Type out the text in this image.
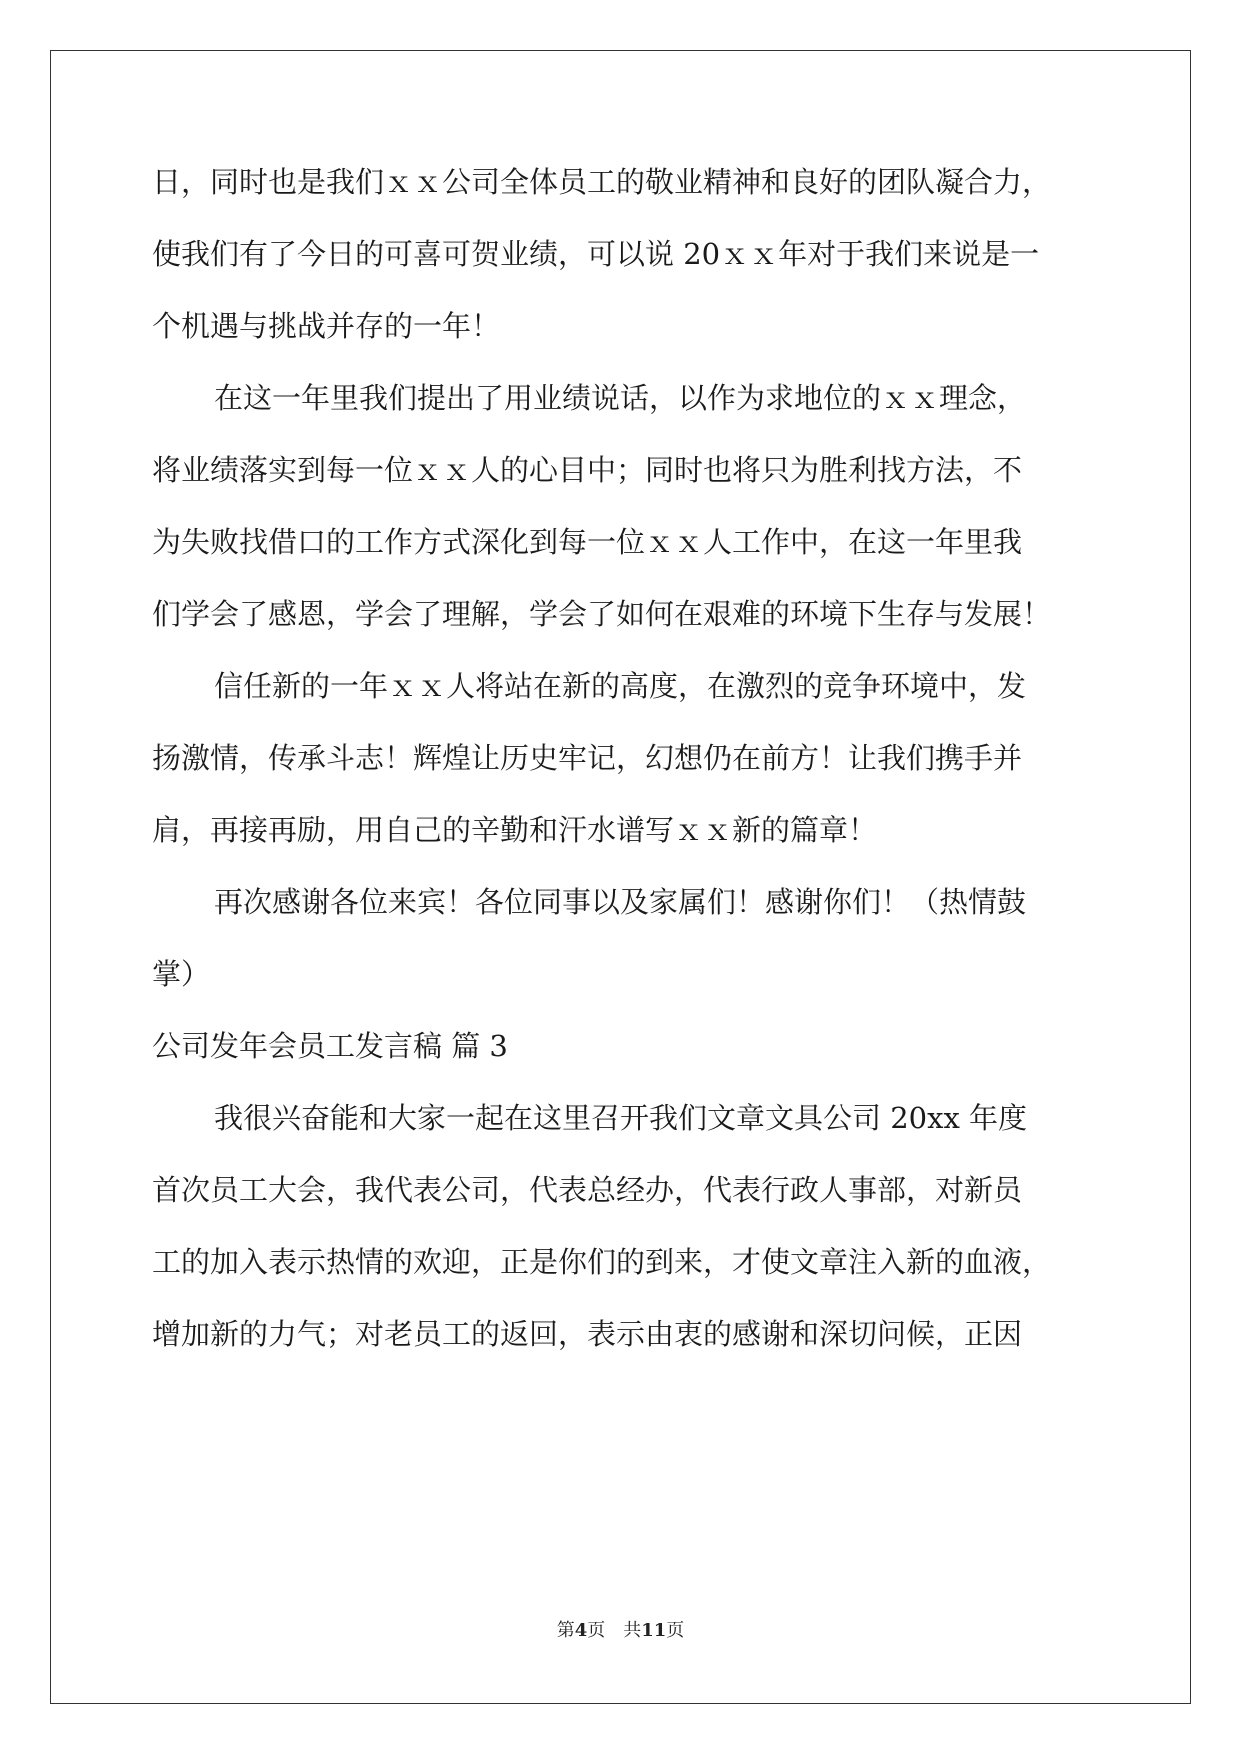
日，同时也是我们ｘｘ公司全体员工的敬业精神和良好的团队凝合力，
使我们有了今日的可喜可贺业绩，可以说 20ｘｘ年对于我们来说是一
个机遇与挑战并存的一年！
在这一年里我们提出了用业绩说话，以作为求地位的ｘｘ理念，
将业绩落实到每一位ｘｘ人的心目中；同时也将只为胜利找方法，不
为失败找借口的工作方式深化到每一位ｘｘ人工作中，在这一年里我
们学会了感恩，学会了理解，学会了如何在艰难的环境下生存与发展！
信任新的一年ｘｘ人将站在新的高度，在激烈的竞争环境中，发
扬激情，传承斗志！辉煌让历史牢记，幻想仍在前方！让我们携手并
肩，再接再励，用自己的辛勤和汗水谱写ｘｘ新的篇章！
再次感谢各位来宾！各位同事以及家属们！感谢你们！（热情鼓
掌）
公司发年会员工发言稿 篇 3
我很兴奋能和大家一起在这里召开我们文章文具公司 20xx 年度
首次员工大会，我代表公司，代表总经办，代表行政人事部，对新员
工的加入表示热情的欢迎，正是你们的到来，才使文章注入新的血液，
增加新的力气；对老员工的返回，表示由衷的感谢和深切问候，正因
第4页 共11页
